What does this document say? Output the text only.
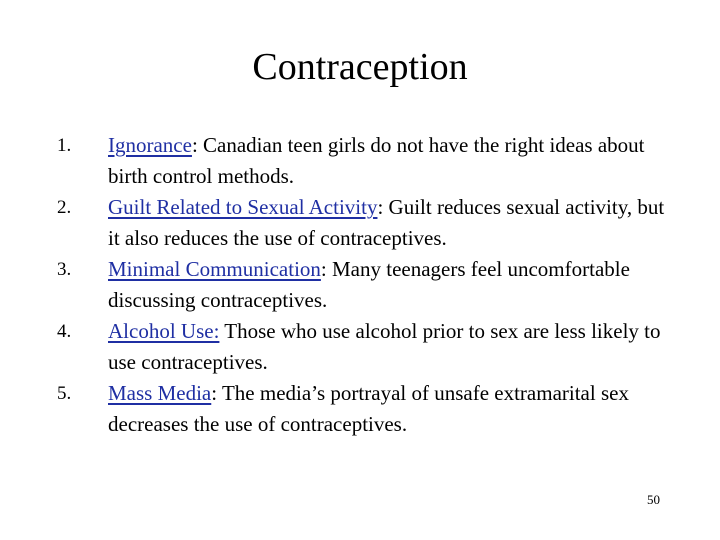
Contraception
1.	Ignorance: Canadian teen girls do not have the right ideas about birth control methods.
2.	Guilt Related to Sexual Activity: Guilt reduces sexual activity, but it also reduces the use of contraceptives.
3.	Minimal Communication: Many teenagers feel uncomfortable discussing contraceptives.
4.	Alcohol Use: Those who use alcohol prior to sex are less likely to use contraceptives.
5.	Mass Media: The media’s portrayal of unsafe extramarital sex decreases the use of contraceptives.
50
